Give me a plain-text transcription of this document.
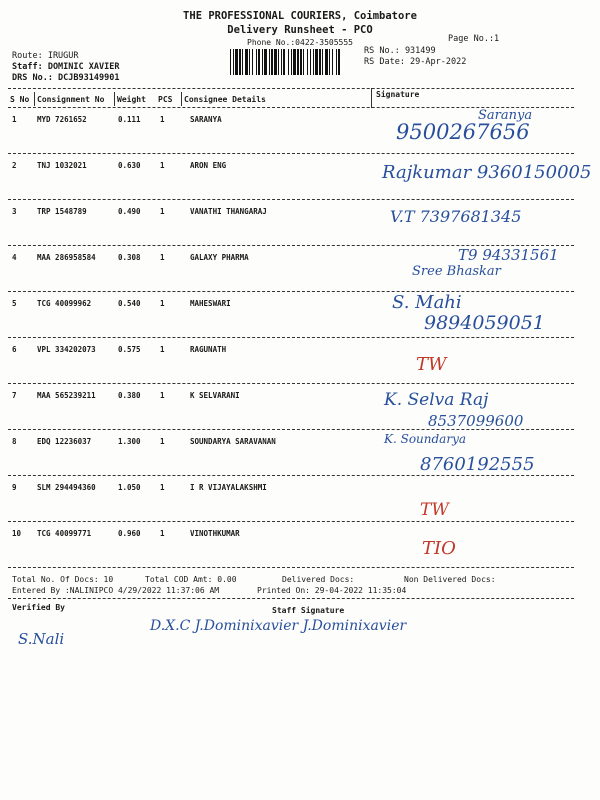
THE PROFESSIONAL COURIERS, Coimbatore
Delivery Runsheet - PCO
Phone No.:0422-3505555	Page No.:1
Route: IRUGUR
Staff: DOMINIC XAVIER
DRS No.: DCJB93149901
RS No.: 931499
RS Date: 29-Apr-2022
S No Consignment No Weight PCS Consignee Details
Signature
1	MYD 7261652	0.111	1	SARANYA	Saranya
9500267656
2	TNJ 1032021	0.630	1	ARON ENG	Rajkumar 9360150005
3	TRP 1548789	0.490	1	VANATHI THANGARAJ	V.T 7397681345
4	MAA 286958584	0.308	1	GALAXY PHARMA	T9 94331561
Sree Bhaskar
5	TCG 40099962	0.540	1	MAHESWARI	S. Mahi
9894059051
6	VPL 334202073	0.575	1	RAGUNATH
TW
7	MAA 565239211	0.380	1	K SELVARANI	K. Selva Raj
8537099600
8	EDQ 12236037	1.300	1	SOUNDARYA SARAVANAN	K. Soundarya
8760192555
9	SLM 294494360	1.050	1	I R VIJAYALAKSHMI
TW
10 TCG 40099771	0.960	1	VINOTHKUMAR
TIO
Total No. Of Docs: 10	Total COD Amt: 0.00	Delivered Docs:	Non Delivered Docs:
Entered By :NALINIPCO 4/29/2022 11:37:06 AM	Printed On: 29-04-2022 11:35:04
Verified By	Staff Signature
S.Nali
D.X.C J.Dominixavier J.Dominixavier
